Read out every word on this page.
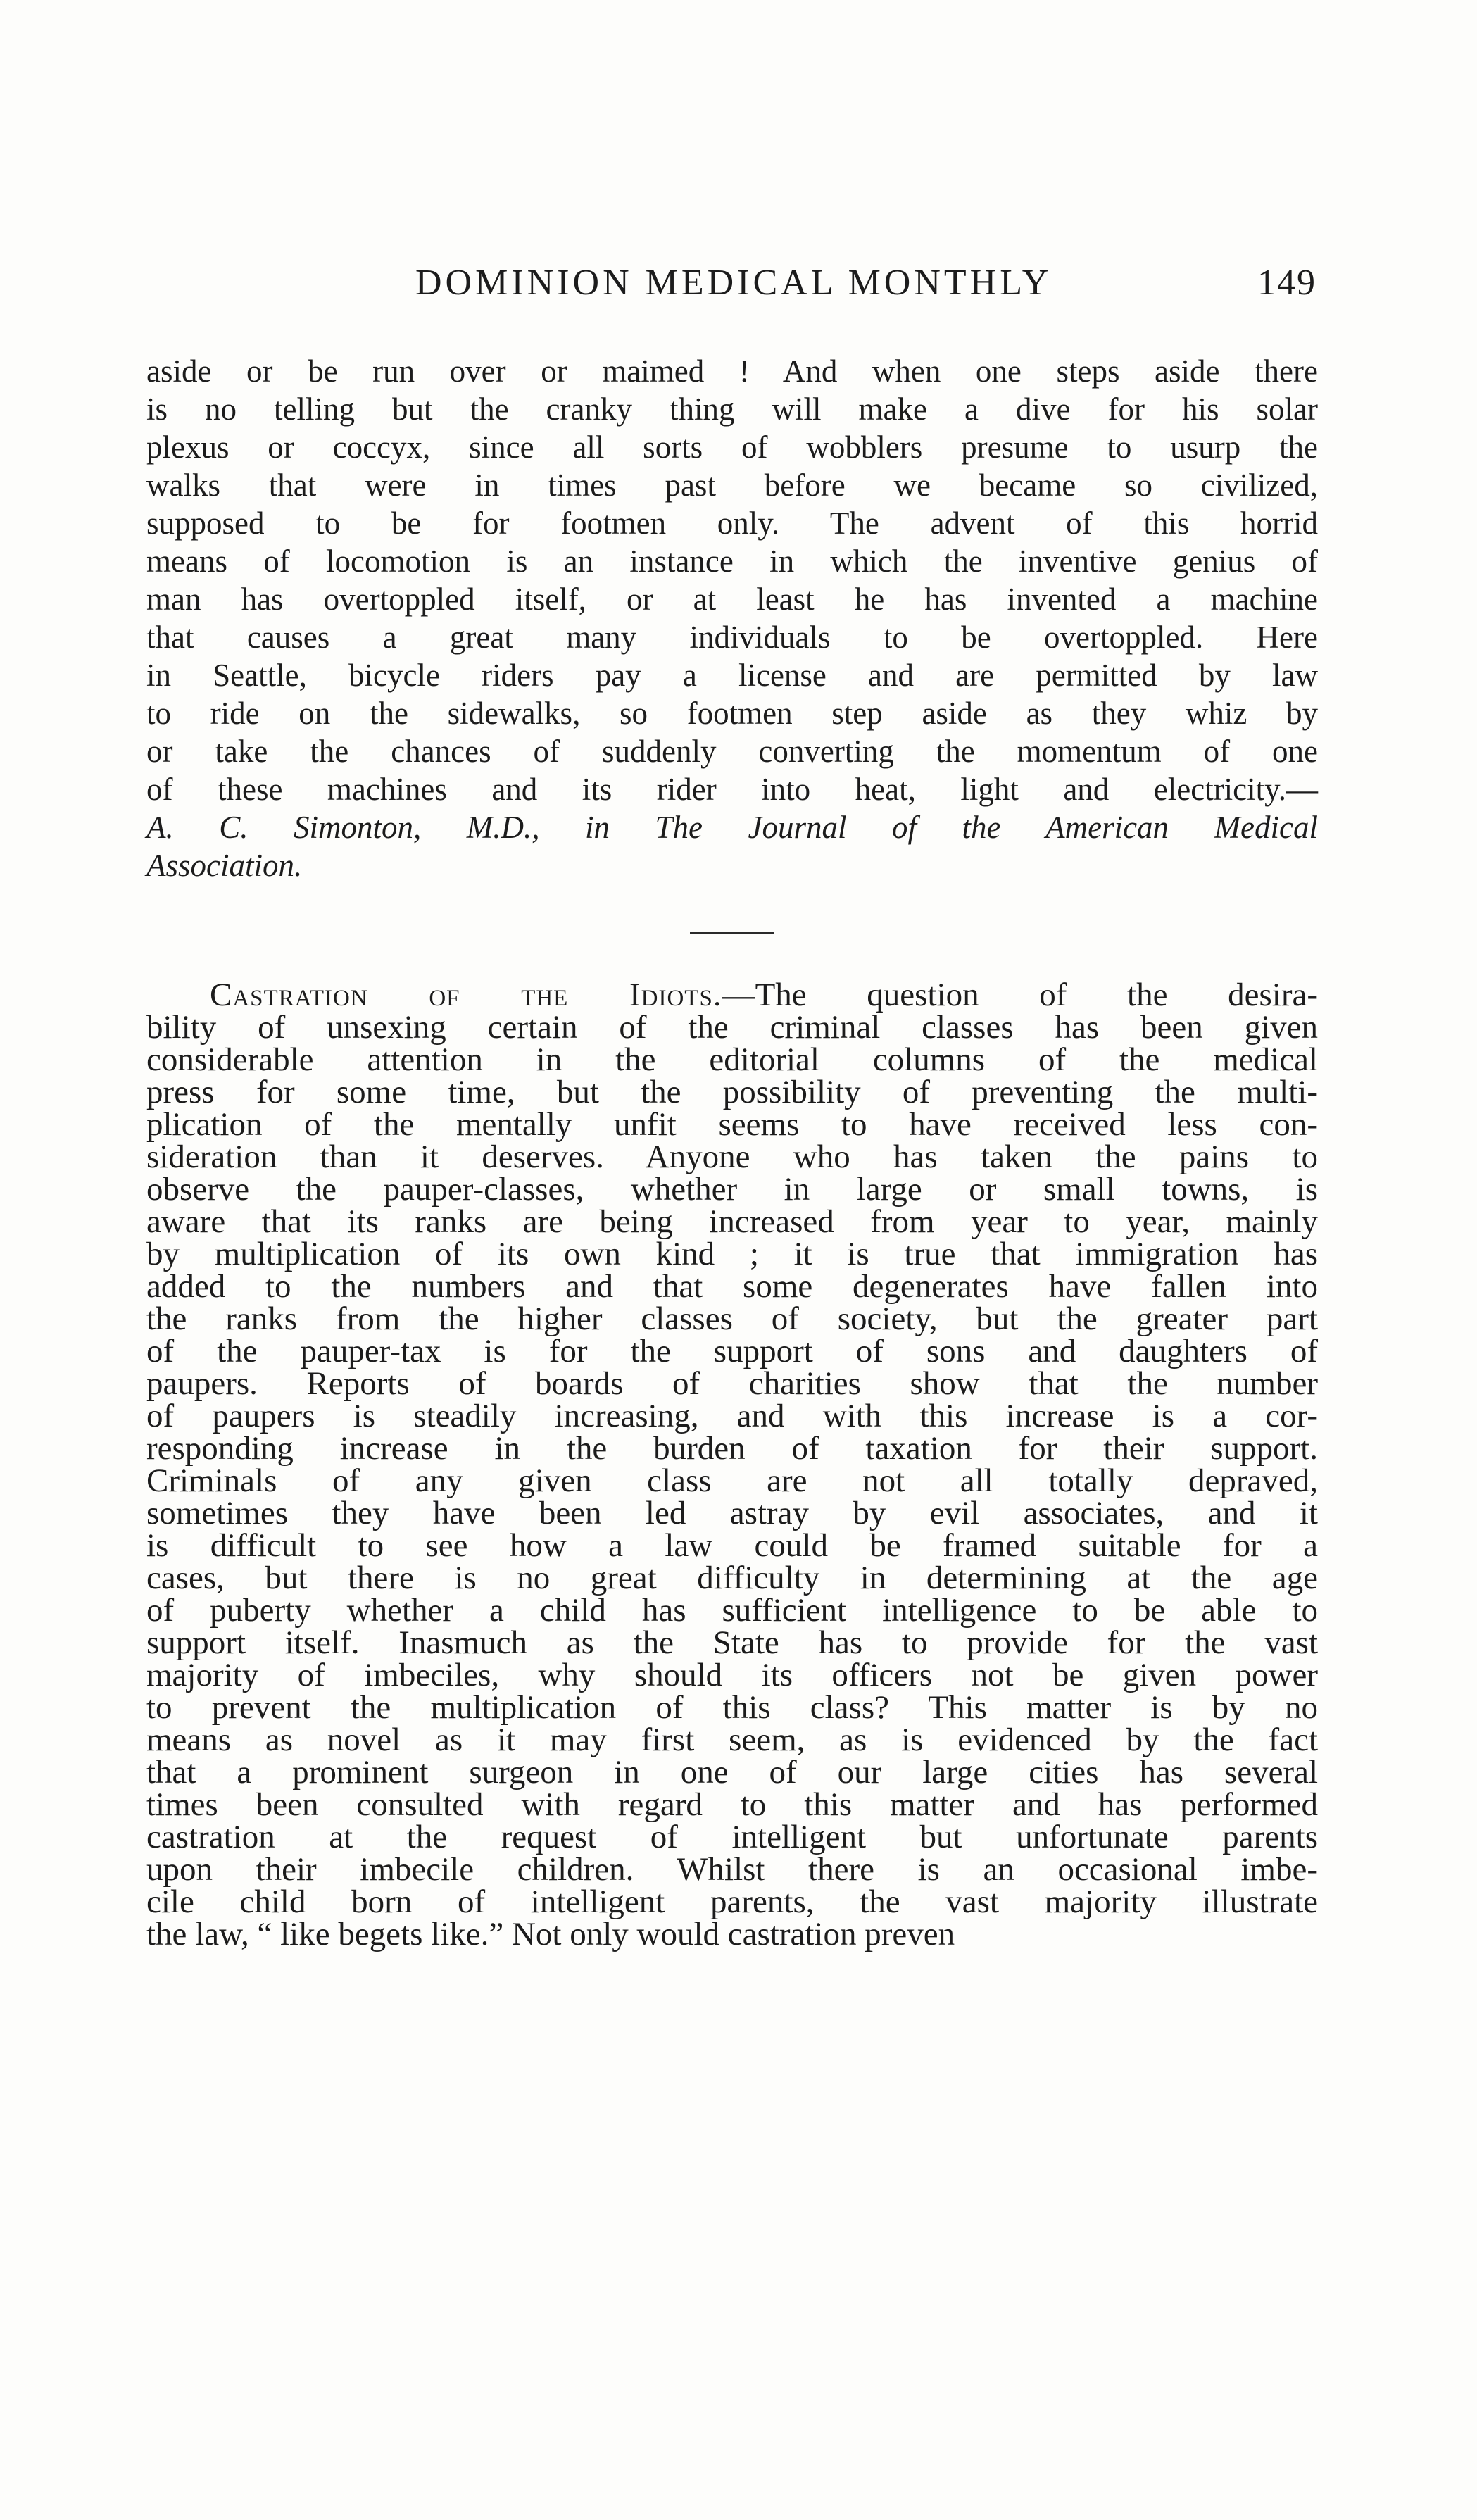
DOMINION MEDICAL MONTHLY	149
aside or be run over or maimed ! And when one steps aside there
is no telling but the cranky thing will make a dive for his solar
plexus or coccyx, since all sorts of wobblers presume to usurp the
walks that were in times past before we became so civilized,
supposed to be for footmen only. The advent of this horrid
means of locomotion is an instance in which the inventive genius of
man has overtoppled itself, or at least he has invented a machine
that causes a great many individuals to be overtoppled. Here
in Seattle, bicycle riders pay a license and are permitted by law
to ride on the sidewalks, so footmen step aside as they whiz by
or take the chances of suddenly converting the momentum of one
of these machines and its rider into heat, light and electricity.—
A. C. Simonton, M.D., in The Journal of the American Medical
Association.
Castration of the Idiots.—The question of the desira-
bility of unsexing certain of the criminal classes has been given
considerable attention in the editorial columns of the medical
press for some time, but the possibility of preventing the multi-
plication of the mentally unfit seems to have received less con-
sideration than it deserves. Anyone who has taken the pains to
observe the pauper-classes, whether in large or small towns, is
aware that its ranks are being increased from year to year, mainly
by multiplication of its own kind ; it is true that immigration has
added to the numbers and that some degenerates have fallen into
the ranks from the higher classes of society, but the greater part
of the pauper-tax is for the support of sons and daughters of
paupers. Reports of boards of charities show that the number
of paupers is steadily increasing, and with this increase is a cor-
responding increase in the burden of taxation for their support.
Criminals of any given class are not all totally depraved,
sometimes they have been led astray by evil associates, and it
is difficult to see how a law could be framed suitable for a
cases, but there is no great difficulty in determining at the age
of puberty whether a child has sufficient intelligence to be able to
support itself. Inasmuch as the State has to provide for the vast
majority of imbeciles, why should its officers not be given power
to prevent the multiplication of this class? This matter is by no
means as novel as it may first seem, as is evidenced by the fact
that a prominent surgeon in one of our large cities has several
times been consulted with regard to this matter and has performed
castration at the request of intelligent but unfortunate parents
upon their imbecile children. Whilst there is an occasional imbe-
cile child born of intelligent parents, the vast majority illustrate
the law, “ like begets like.” Not only would castration preven
